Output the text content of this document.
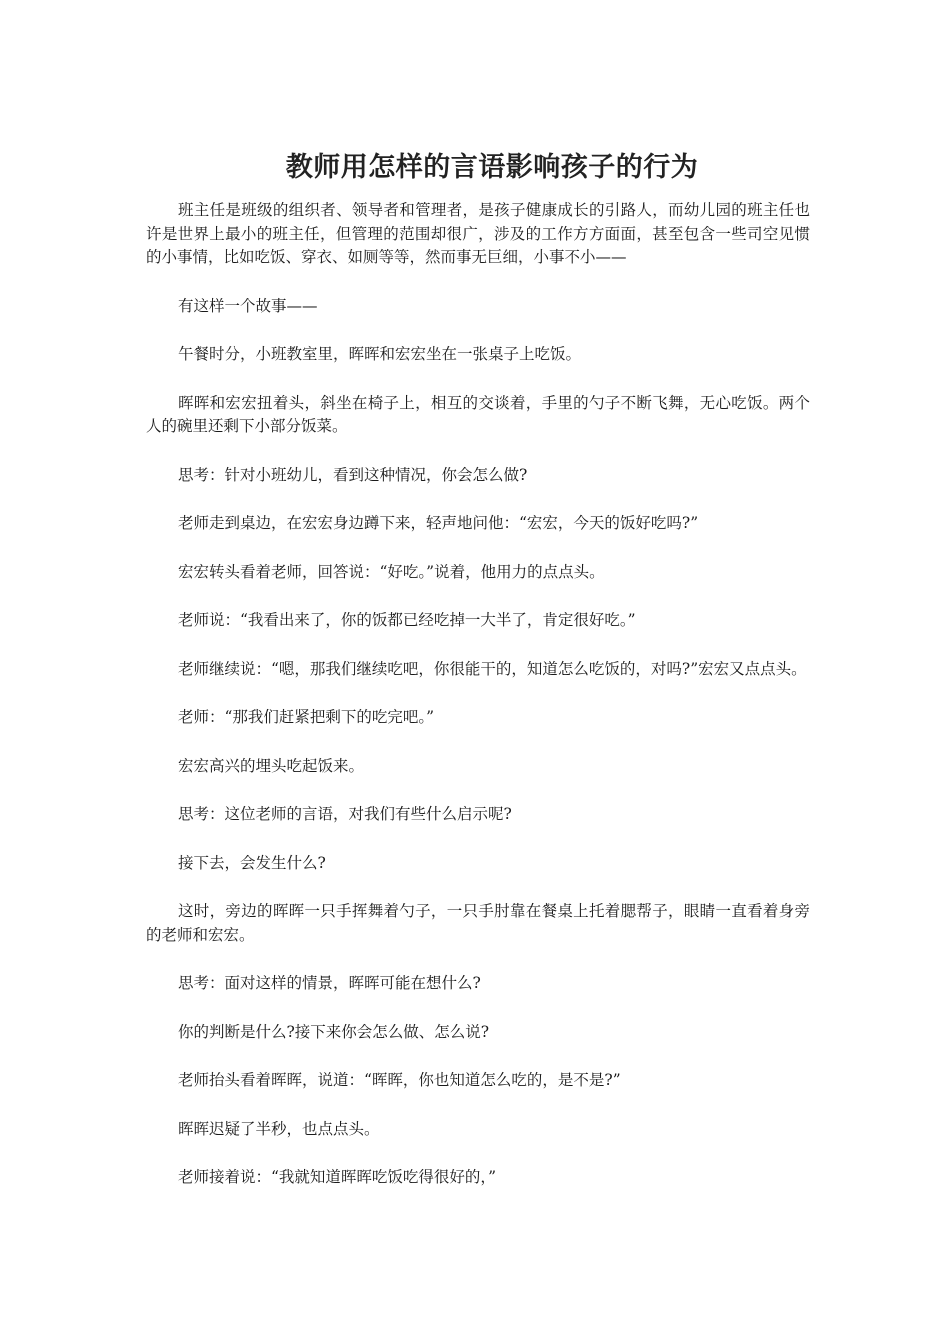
教师用怎样的言语影响孩子的行为

班主任是班级的组织者、领导者和管理者，是孩子健康成长的引路人，而幼儿园的班主任也许是世界上最小的班主任，但管理的范围却很广，涉及的工作方方面面，甚至包含一些司空见惯的小事情，比如吃饭、穿衣、如厕等等，然而事无巨细，小事不小——

有这样一个故事——

午餐时分，小班教室里，晖晖和宏宏坐在一张桌子上吃饭。

晖晖和宏宏扭着头，斜坐在椅子上，相互的交谈着，手里的勺子不断飞舞，无心吃饭。两个人的碗里还剩下小部分饭菜。

思考：针对小班幼儿，看到这种情况，你会怎么做?

老师走到桌边，在宏宏身边蹲下来，轻声地问他：“宏宏，今天的饭好吃吗?”

宏宏转头看着老师，回答说：“好吃。”说着，他用力的点点头。

老师说：“我看出来了，你的饭都已经吃掉一大半了，肯定很好吃。”

老师继续说：“嗯，那我们继续吃吧，你很能干的，知道怎么吃饭的，对吗?”宏宏又点点头。

老师：“那我们赶紧把剩下的吃完吧。”

宏宏高兴的埋头吃起饭来。

思考：这位老师的言语，对我们有些什么启示呢?

接下去，会发生什么?

这时，旁边的晖晖一只手挥舞着勺子，一只手肘靠在餐桌上托着腮帮子，眼睛一直看着身旁的老师和宏宏。

思考：面对这样的情景，晖晖可能在想什么?

你的判断是什么?接下来你会怎么做、怎么说?

老师抬头看着晖晖，说道：“晖晖，你也知道怎么吃的，是不是?”

晖晖迟疑了半秒，也点点头。

老师接着说：“我就知道晖晖吃饭吃得很好的，”
